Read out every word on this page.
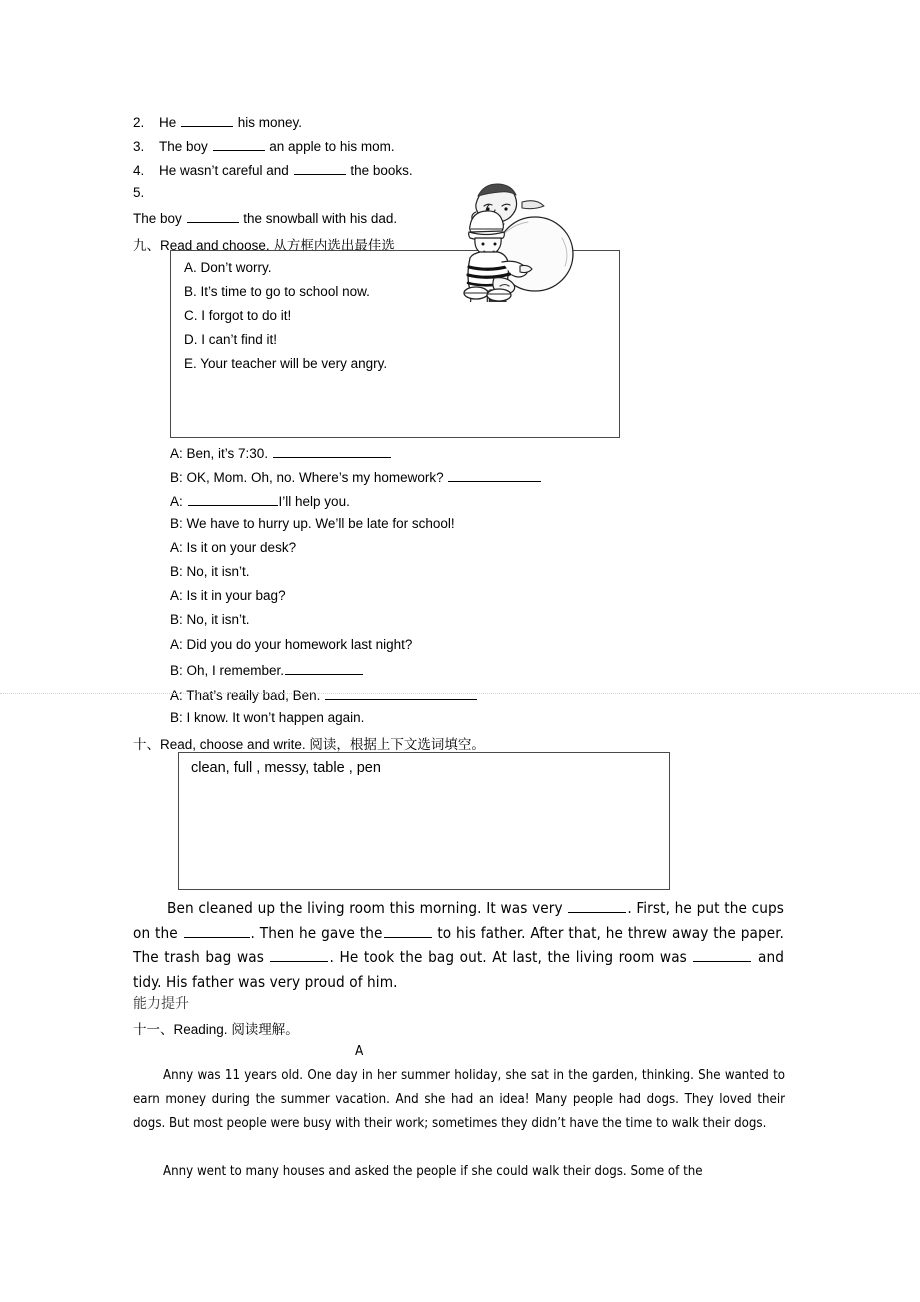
2. He	his money.
3. The boy	an apple to his mom.
4. He wasn’t careful and	the books.
5.
The boy	the snowball with his dad.
九、Read and choose. 从方框内选出最佳选
A. Don’t worry.
B. It’s time to go to school now.
C. I forgot to do it!
D. I can’t find it!
E. Your teacher will be very angry.
A: Ben, it’s 7:30.
B: OK, Mom. Oh, no. Where’s my homework?
A:	I’ll help you.
B: We have to hurry up. We’ll be late for school!
A: Is it on your desk?
B: No, it isn’t.
A: Is it in your bag?
B: No, it isn’t.
A: Did you do your homework last night?
B: Oh, I remember.
A: That’s really bad, Ben.
B: I know. It won’t happen again.
十、Read, choose and write. 阅读，根据上下文选词填空。
clean, full , messy, table , pen
Ben cleaned up the living room this morning. It was very	. First, he put the cups on the	. Then he gave the	to his father. After that, he threw away the paper. The trash bag was	. He took the bag out. At last, the living room was	and tidy. His father was very proud of him.
能力提升
十一、Reading. 阅读理解。
A
Anny was 11 years old. One day in her summer holiday, she sat in the garden, thinking. She wanted to earn money during the summer vacation. And she had an idea! Many people had dogs. They loved their dogs. But most people were busy with their work; sometimes they didn’t have the time to walk their dogs.
Anny went to many houses and asked the people if she could walk their dogs. Some of the
